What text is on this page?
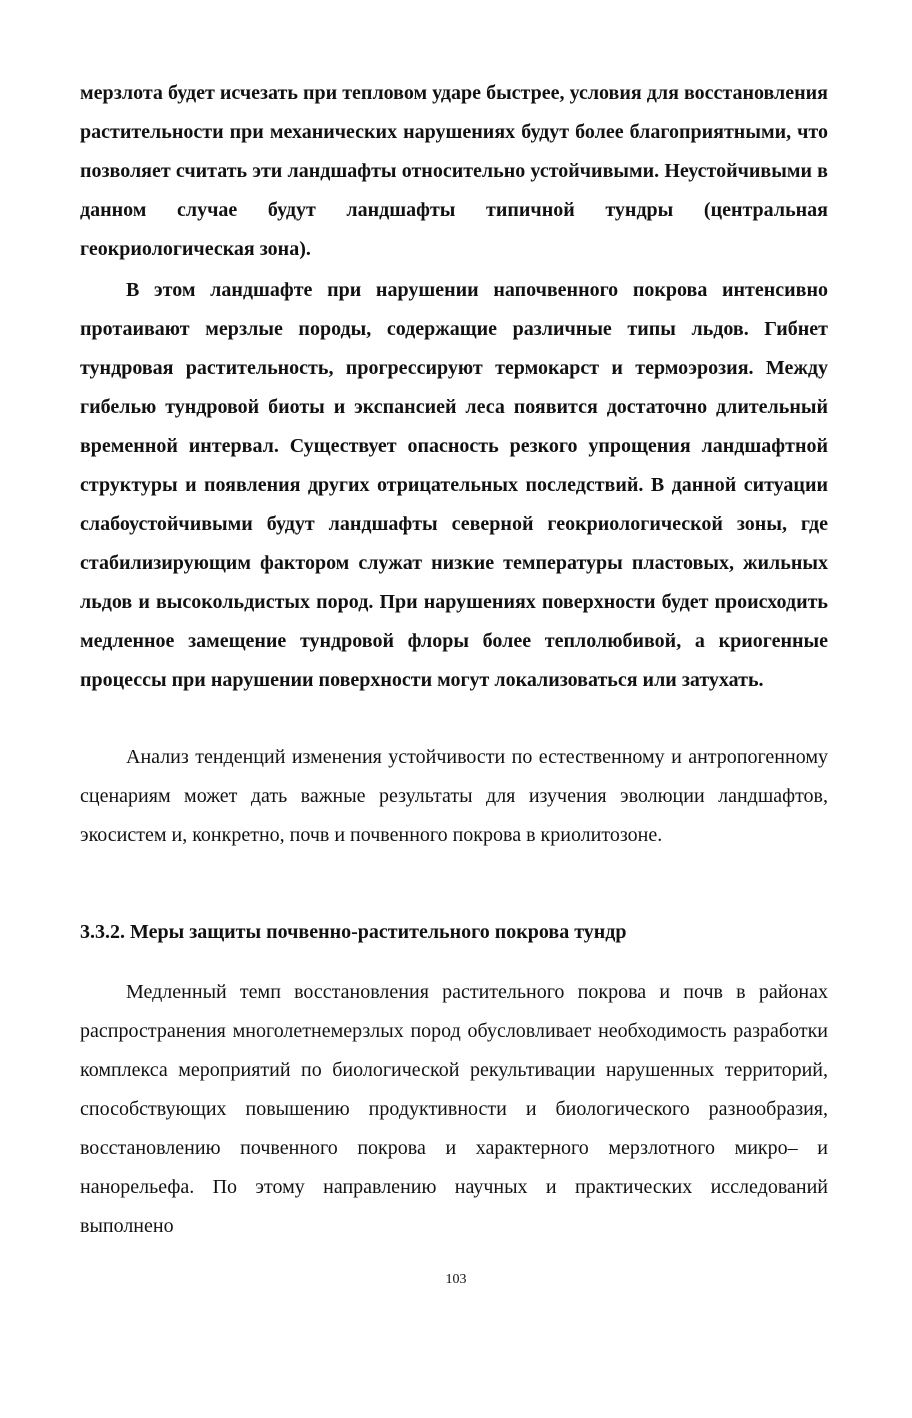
мерзлота будет исчезать при тепловом ударе быстрее, условия для восстановления растительности при механических нарушениях будут более благоприятными, что позволяет считать эти ландшафты относительно устойчивыми. Неустойчивыми в данном случае будут ландшафты типичной тундры (центральная геокриологическая зона).

В этом ландшафте при нарушении напочвенного покрова интенсивно протаивают мерзлые породы, содержащие различные типы льдов. Гибнет тундровая растительность, прогрессируют термокарст и термоэрозия. Между гибелью тундровой биоты и экспансией леса появится достаточно длительный временной интервал. Существует опасность резкого упрощения ландшафтной структуры и появления других отрицательных последствий. В данной ситуации слабоустойчивыми будут ландшафты северной геокриологической зоны, где стабилизирующим фактором служат низкие температуры пластовых, жильных льдов и высокольдистых пород. При нарушениях поверхности будет происходить медленное замещение тундровой флоры более теплолюбивой, а криогенные процессы при нарушении поверхности могут локализоваться или затухать.

Анализ тенденций изменения устойчивости по естественному и антропогенному сценариям может дать важные результаты для изучения эволюции ландшафтов, экосистем и, конкретно, почв и почвенного покрова в криолитозоне.

3.3.2. Меры защиты почвенно-растительного покрова тундр

Медленный темп восстановления растительного покрова и почв в районах распространения многолетнемерзлых пород обусловливает необходимость разработки комплекса мероприятий по биологической рекультивации нарушенных территорий, способствующих повышению продуктивности и биологического разнообразия, восстановлению почвенного покрова и характерного мерзлотного микро– и нанорельефа. По этому направлению научных и практических исследований выполнено

103
